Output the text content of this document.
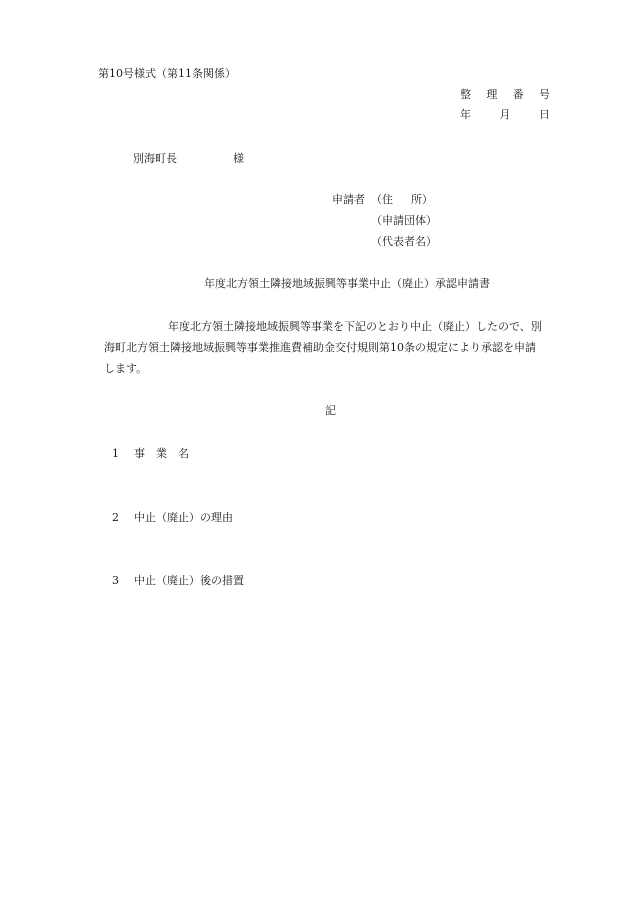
第10号様式（第11条関係）
整 理 番 号
年	月	日
別海町長	様
申請者 （住 所）
（申請団体）
（代表者名）
年度北方領土隣接地域振興等事業中止（廃止）承認申請書
年度北方領土隣接地域振興等事業を下記のとおり中止（廃止）したので、別
海町北方領土隣接地域振興等事業推進費補助金交付規則第10条の規定により承認を申請
します。
記
1 事 業 名
2 中止（廃止）の理由
3 中止（廃止）後の措置
